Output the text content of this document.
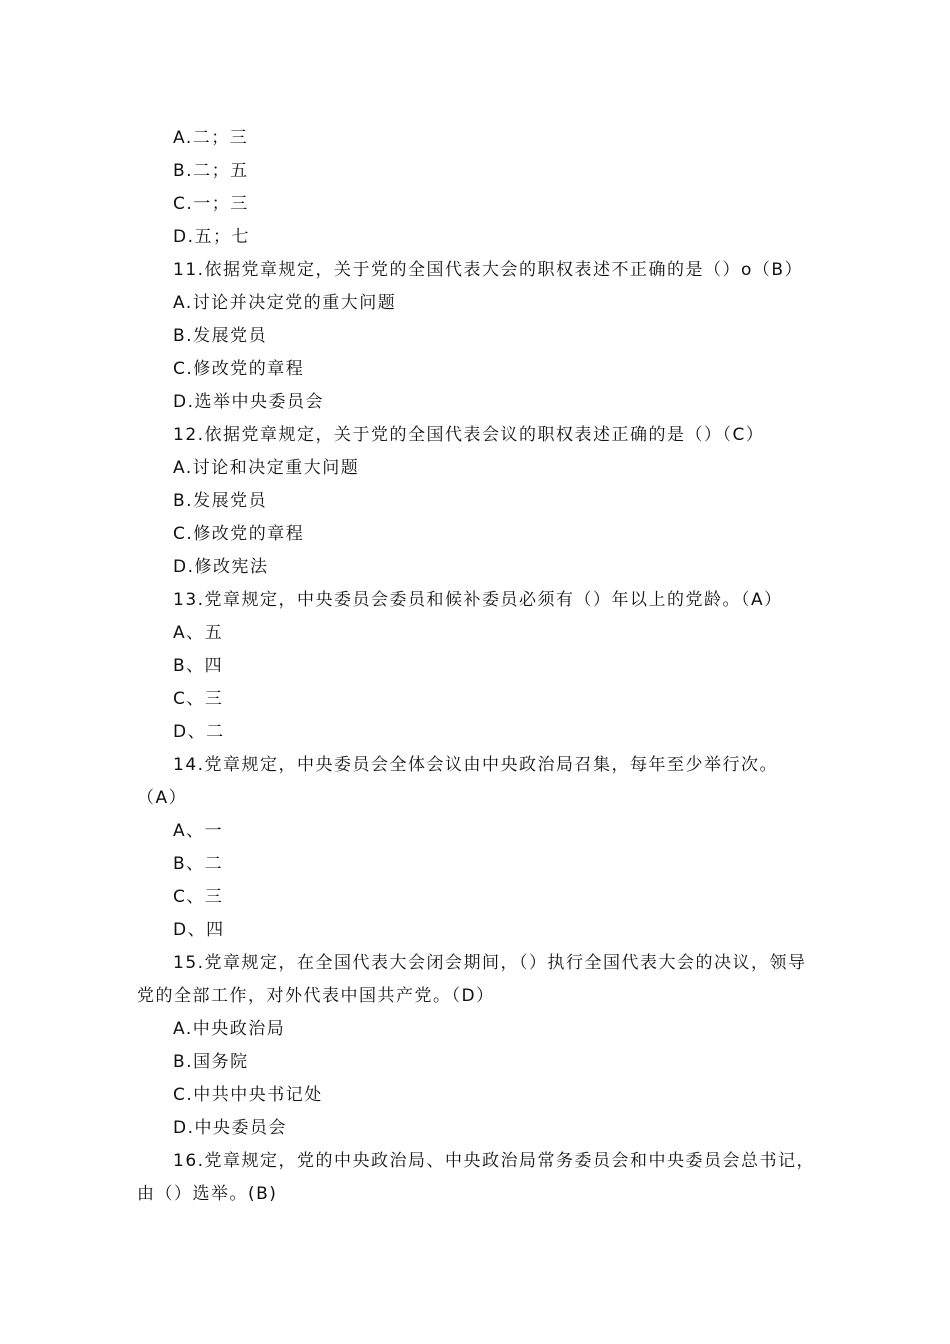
A.二；三
B.二；五
C.一；三
D.五；七
11.依据党章规定，关于党的全国代表大会的职权表述不正确的是（）o（B）
A.讨论并决定党的重大问题
B.发展党员
C.修改党的章程
D.选举中央委员会
12.依据党章规定，关于党的全国代表会议的职权表述正确的是（）（C）
A.讨论和决定重大问题
B.发展党员
C.修改党的章程
D.修改宪法
13.党章规定，中央委员会委员和候补委员必须有（）年以上的党龄。（A）
A、五
B、四
C、三
D、二
14.党章规定，中央委员会全体会议由中央政治局召集，每年至少举行次。
（A）
A、一
B、二
C、三
D、四
15.党章规定，在全国代表大会闭会期间，（）执行全国代表大会的决议，领导
党的全部工作，对外代表中国共产党。（D）
A.中央政治局
B.国务院
C.中共中央书记处
D.中央委员会
16.党章规定，党的中央政治局、中央政治局常务委员会和中央委员会总书记，
由（）选举。(B)
